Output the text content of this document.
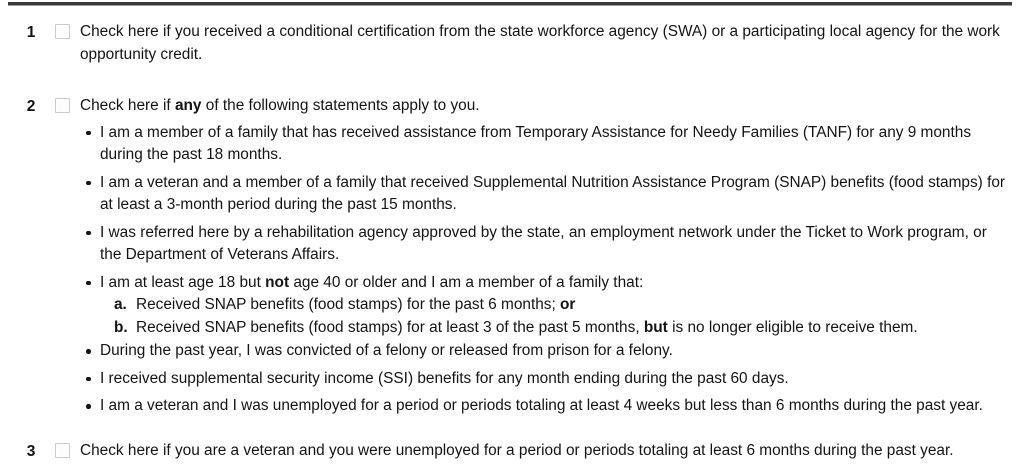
1	Check here if you received a conditional certification from the state workforce agency (SWA) or a participating local agency for the work opportunity credit.

2	Check here if any of the following statements apply to you.

I am a member of a family that has received assistance from Temporary Assistance for Needy Families (TANF) for any 9 months during the past 18 months.
I am a veteran and a member of a family that received Supplemental Nutrition Assistance Program (SNAP) benefits (food stamps) for at least a 3-month period during the past 15 months.
I was referred here by a rehabilitation agency approved by the state, an employment network under the Ticket to Work program, or the Department of Veterans Affairs.
I am at least age 18 but not age 40 or older and I am a member of a family that:
a. Received SNAP benefits (food stamps) for the past 6 months; or
b. Received SNAP benefits (food stamps) for at least 3 of the past 5 months, but is no longer eligible to receive them.
During the past year, I was convicted of a felony or released from prison for a felony.
I received supplemental security income (SSI) benefits for any month ending during the past 60 days.
I am a veteran and I was unemployed for a period or periods totaling at least 4 weeks but less than 6 months during the past year.
3	Check here if you are a veteran and you were unemployed for a period or periods totaling at least 6 months during the past year.
